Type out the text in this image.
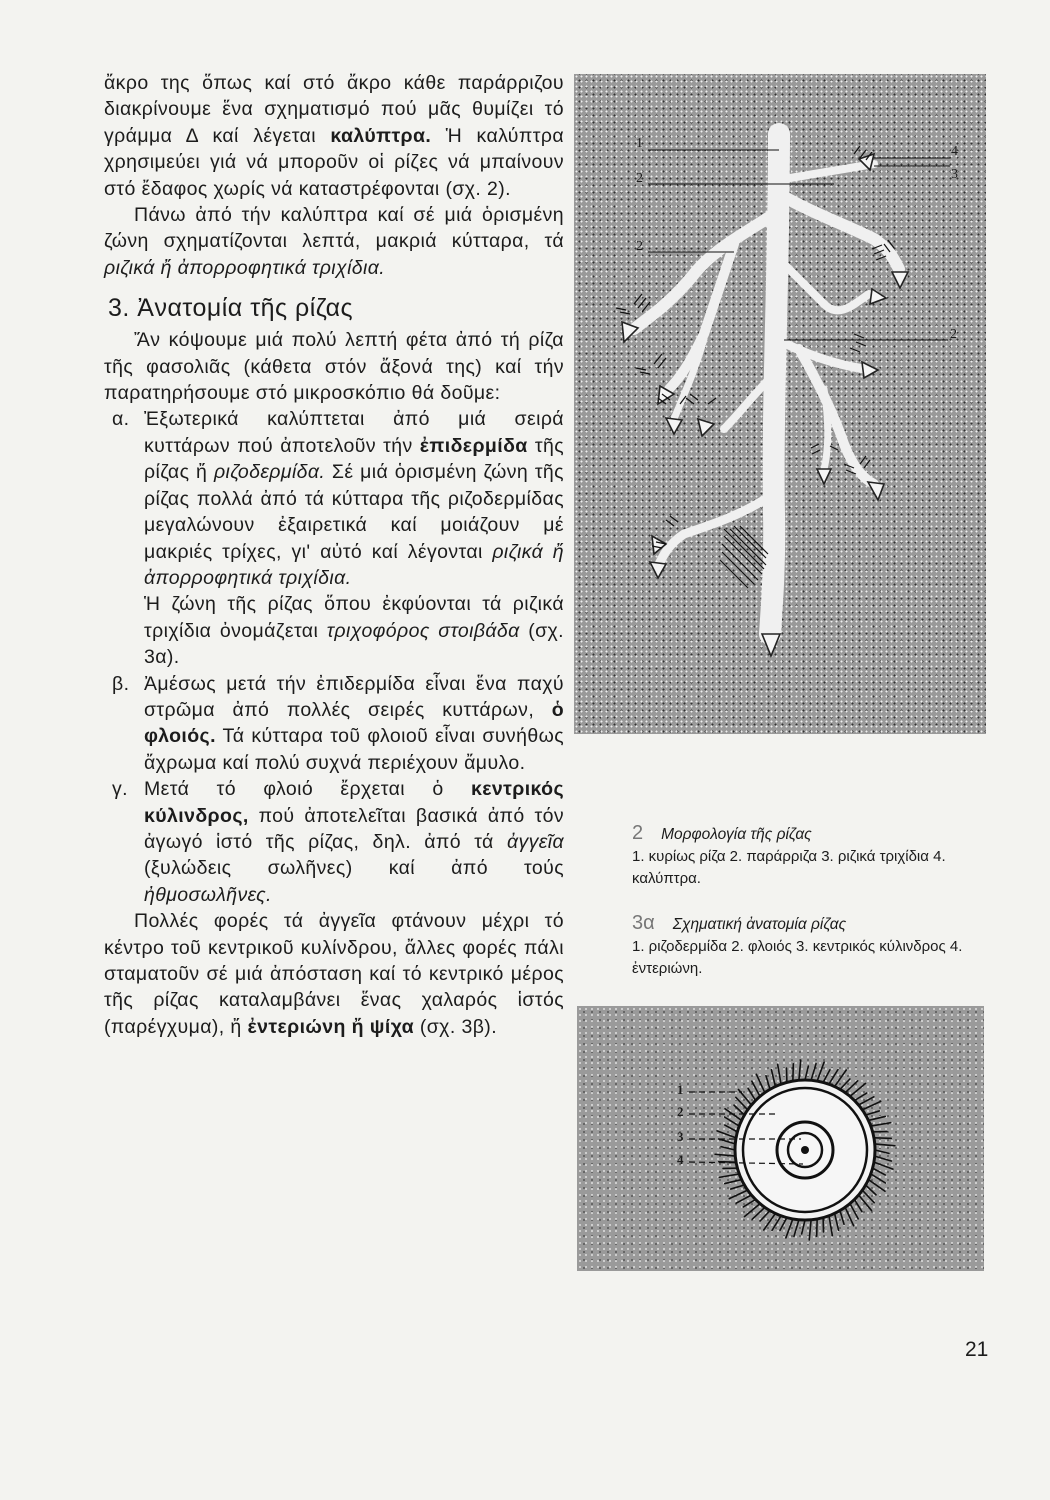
ἄκρο της ὅπως καί στό ἄκρο κάθε παράρριζου διακρίνουμε ἕνα σχηματισμό πού μᾶς θυμίζει τό γράμμα Δ καί λέγεται καλύπτρα. Ἡ καλύπτρα χρησιμεύει γιά νά μποροῦν οἱ ρίζες νά μπαίνουν στό ἔδαφος χωρίς νά καταστρέφονται (σχ. 2).

Πάνω ἀπό τήν καλύπτρα καί σέ μιά ὁρισμένη ζώνη σχηματίζονται λεπτά, μακριά κύτταρα, τά ριζικά ἤ ἀπορροφητικά τριχίδια.

3. Ἀνατομία τῆς ρίζας

Ἄν κόψουμε μιά πολύ λεπτή φέτα ἀπό τή ρίζα τῆς φασολιᾶς (κάθετα στόν ἄξονά της) καί τήν παρατηρήσουμε στό μικροσκόπιο θά δοῦμε:

α. Ἐξωτερικά καλύπτεται ἀπό μιά σειρά κυττάρων πού ἀποτελοῦν τήν ἐπιδερμίδα τῆς ρίζας ἤ ριζοδερμίδα. Σέ μιά ὁρισμένη ζώνη τῆς ρίζας πολλά ἀπό τά κύτταρα τῆς ριζοδερμίδας μεγαλώνουν ἐξαιρετικά καί μοιάζουν μέ μακριές τρίχες, γι' αὐτό καί λέγονται ριζικά ἤ ἀπορροφητικά τριχίδια.

Ἡ ζώνη τῆς ρίζας ὅπου ἐκφύονται τά ριζικά τριχίδια ὀνομάζεται τριχοφόρος στοιβάδα (σχ. 3α).

β. Ἀμέσως μετά τήν ἐπιδερμίδα εἶναι ἕνα παχύ στρῶμα ἀπό πολλές σειρές κυττάρων, ὁ φλοιός. Τά κύτταρα τοῦ φλοιοῦ εἶναι συνήθως ἄχρωμα καί πολύ συχνά περιέχουν ἄμυλο.
γ. Μετά τό φλοιό ἔρχεται ὁ κεντρικός κύλινδρος, πού ἀποτελεῖται βασικά ἀπό τόν ἀγωγό ἱστό τῆς ρίζας, δηλ. ἀπό τά ἀγγεῖα (ξυλώδεις σωλῆνες) καί ἀπό τούς ἠθμοσωλῆνες.

Πολλές φορές τά ἀγγεῖα φτάνουν μέχρι τό κέντρο τοῦ κεντρικοῦ κυλίνδρου, ἄλλες φορές πάλι σταματοῦν σέ μιά ἀπόσταση καί τό κεντρικό μέρος τῆς ρίζας καταλαμβάνει ἕνας χαλαρός ἱστός (παρέγχυμα), ἤ ἐντεριώνη ἤ ψίχα (σχ. 3β).

1
2
2
2
3
4
2 Μορφολογία τῆς ρίζας
1. κυρίως ρίζα 2. παράρριζα 3. ριζικά τριχίδια 4. καλύπτρα.
3α Σχηματική ἀνατομία ρίζας
1. ριζοδερμίδα 2. φλοιός 3. κεντρικός κύλινδρος 4. ἐντεριώνη.
1
2
3
4
21
